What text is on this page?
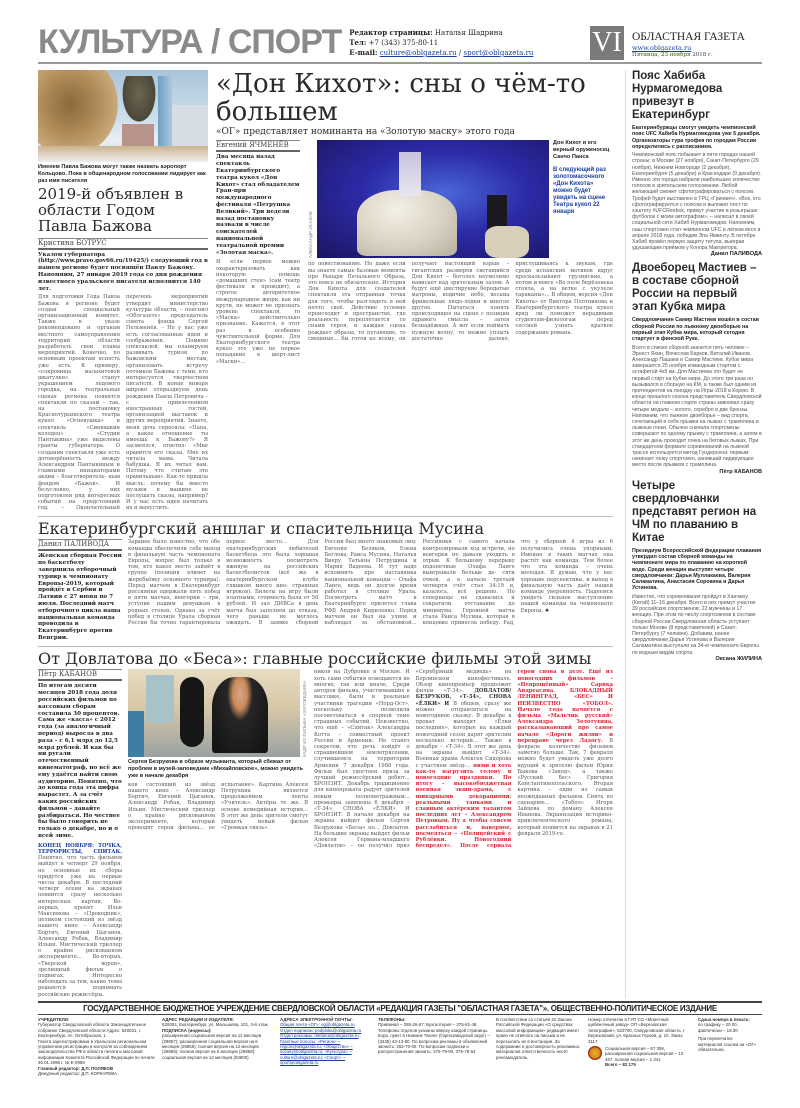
КУЛЬТУРА / СПОРТ Редактор страницы: Наталья Шадрина
Тел: +7 (343) 375-80-11
E-mail: culture@oblgazeta.ru / sport@oblgazeta.ru	VI ОБЛАСТНАЯ ГАЗЕТА
www.oblgazeta.ru
Пятница, 23 ноября 2018 г.
Именем Павла Бажова могут также назвать аэропорт Кольцово. Пока в общенародном голосовании лидирует как раз имя писателя
2019-й объявлен в области Годом Павла Бажова
Кристина БОТРУС
Указом губернатора (http://www.pravo.gov66.ru/19425/) следующий год в нашем регионе будет посвящён Павлу Бажову. Напомним, 27 января 2019 года со дня рождения известного уральского писателя исполнится 140 лет.
Для подготовки Года Павла Бажова в регионе будет создан специальный организационный комитет. Также в указе рекомендовано и органам местного самоуправления территорий области разработать свои планы мероприятий. Конечно, по основным проектам ясность уже есть. К примеру, «сокровища малахитовой шкатулки» станут украшением ледового городка, на театральных сценах региона появятся спектакли по сказам – так, на постановку Краснотурьинского театра кукол «Огневушка» и спектакль «Синюшкин колодец» «Студии Пантыкина» уже выделены гранты губернатора. О создании спектакля уже есть договорённость между Александром Пантыкиным и главными инициаторами акции – благотворитель- ным фондом «Бажов». И безусловно, у них подготовлен ряд интересных событий на предстоящий год. – Окончательный перечень мероприятий утвердит министерство культуры области, – пояснил «Облгазете» председатель совета фонда Сергей Пельменёв. – Но у нас уже есть согласованные идеи и соображения. Помимо спектаклей, мы планируем развивать туризм по бажовским местам, организовать встречу потомков Бажова с теми, кто интересуется творчеством писателя. В конце января широко отпразднуем день рождения Павла Петровича – с привлечением иностранных гостей, организацией выставок и других мероприятий. Знаете, меня дочь спросила: «Папа, а какое отношение ты имеешь к Бажову?» Я засмеялся, ответил: «Мне нравится его сказы. Мне их читала мама. Читала бабушка. Я их читал вам. Потому что считаю это правильным». Как-то пришла мысль: почему бы вместо музыки в машине не послушать сказы, например? И у нас есть идея начитать их и выпустить.
«Дон Кихот»: сны о чём-то большем
«ОГ» представляет номинанта на «Золотую маску» этого года
Евгений ЯЧМЕНЁВ
Два месяца назад спектакль Екатеринбургского театра кукол «Дон Кихот» стал обладателем Гран-при международного фестиваля «Петрушка Великий». Три недели назад постановку назвали в числе соискателей национальной театральной премии «Золотая маска».
И если первое можно охарактеризовать как некоторую помощь «домашних стен» (сам театр фестиваля и проводит), а строгое авторитетное международное жюри, как ни крути, не может не признать уровень спектакля, то «Маска» действительно признание. Кажется, в этот раз в особенно чувствительной форме. Для Екатеринбургского театра кукол это уже не первое попадание в шорт-лист «Маски»...
АЛЕКСАНДР ИСАКОВ
Дон Кихот и его верный оруженосец Санчо Панса
В следующий раз золотомасочного «Дон Кихота» можно будет увидеть на сцене Театра кукол 22 января
по повествованию. Но даже если вы знаете самые базовые моменты про Рыцаря Печального Образа, это вовсе не обязательно. История Дон Кихота для создателей спектакля эта отправная точка для того, чтобы разглядеть в ней нечто своё. Действие условно происходит в пространстве, где реальность переплетается со снами героя, и каждая сцена рождает образы, то пугающие, то смешные... бы готов ко всему, он получает настоящий взрыв – гигантских размеров светящийся Дон Кихот – боголол неумолимо нависает над зрительным залом. А будут ещё шестирукие бородатые матроны, водичие небо, весьма фривольные людо-лодки и многое другое. Пытаться понять происходящее на сцене с позиции здравого смысла – затея безнадёжная. А вот если поймать нужную волну, то можно уплыть достаточно далеко, прислушиваясь к звукам, где среди испанских мотивов вдруг проскальзывают грузинские, а потом и вовсе «Во поле берёзонька стояла, а на ветке с укулеле тараканы»... В общем, версия «Дон Кихота» от Виктора Плотникова и Екатеринбургского театра кукол вряд ли поможет нерадивым студентам-филологам перед сессией узнать краткое содержание романа.
Екатеринбургский аншлаг и спасительница Мусина
Данил ПАЛИВОДА
Женская сборная России по баскетболу завершила отборочный турнир к чемпионату Европы-2019, который пройдёт в Сербии и Латвии с 27 июня по 7 июля. Последний матч отборочного цикла наша национальная команда проводила в Екатеринбурге против Венгрии.
Заранее было известно, что обе команды обеспечили себе выход в финальную часть чемпионата Европы, вопрос был только в том, кто какое место займёт в группе (позиция влияет на жеребьёвку основного турнира). Перед матчем в Екатеринбург россиянки одержали пять побед в пяти матчах, венгерки – три, уступив нашим девушкам в родных стенах. Однако за счёт побед в столице Урала сборная России бы точно гарантировала первое место... Для екатеринбургских любителей баскетбола это была хорошая возможность посмотреть вживую на российских баскетболисток (всё же в екатеринбургском клубе слишком много ино- странных игроков). Билеты на игру были платными, стоимость была от 50 рублей. И зал ДИВСа в день матча был заполнен до отказа, чего раньше не моглось ожидать. В заявке сборной России был много знакомых лиц: Евгения Беляков, Елена Беглова, Раиса Мусина, Наталья Виеру, Татьяна Петрушина и Мария Вадеева. И тут надо вспомнить про наставника национальной команды – Олафа Ланге, ведь он долгое время работал в столице Урала. Посмотреть матч в Екатеринбурге прилетел глава РФБ Андрей Кириленко. Перед матчем он был на улице и наблюдал за обстановкой... Россиянки с самого начала контролировали ход встречи, но венгерки не давали уходить в отрыв. К большому перерыву подопечные Олафа Ланге выигрывали больше де- сяти очков, а в начале третьей четверти счёт стал 34:19 и, казалось, всё решено. Но соперницы не сдавались и сократили отставание до минимума. Героиней матча стала Раиса Мусина, которая в концовке принесла победу. Рад, что у сборной 4 игры из 6 получились очень упорными. Именно в таких матчах она растёт как команда. Тем более что эта команда – очень молодая. Я думаю, что у нас хорошие перспективы, и выход в финальную часть даёт нашей команде уверенность. Надеемся увидеть сильное выступление нашей команды на чемпионате Европы. ♠
От Довлатова до «Беса»: главные российские фильмы этой зимы
Пётр КАБАНОВ
По итогам десяти месяцев 2018 года доля российских фильмов по кассовым сборам составила 30 процентов. Сама же «касса» с 2012 года (за аналогичный период) выросла в два раза – с 6,1 млрд до 12,5 млрд рублей. И как бы ни ругали отечественный кинематограф, но всё же ему удаётся найти свою аудиторию. Понятно, что до конца года эта цифра вырастет. А за счёт каких российских фильмов – давайте разбираться. Но честнее бы было говорить не только о декабре, но и о всей зиме.
КОНЕЦ НОЯБРЯ: ТОЧКА, ТЕРРОРИСТЫ, СПИТАК. Понятно, что часть фильмов выйдет в четверг 29 ноября, но основные их сборы придутся уже на первые числа декабря. В последний четверг осени на экранах появится сразу несколько интересных картин. Во-первых, проект Ильи Максимова – «Проводник», целиком состоящий из звёзд нашего кино – Александр Бортич, Евгений Цыганов, Александр Робак, Владимир Ильин. Мистический триллер о крайне рискованном эксперименте... Во-вторых, «Тверской ворон», зрелищный фильм о подвигах. Интересно наблюдать за тем, какие темы решаются поднимать российские режиссёры.
КАДР ИЗ ФИЛЬМА «ЗАПОВЕДНИК»
Сергея Безрукова в образе музыканта, который сбежал от проблем в музей-заповедник «Михайловское», можно увидеть уже в начале декабря
ков состоящий из звёзд нашего кино – Александр Бортич, Евгений Цыганов, Александр Робак, Владимир Ильин. Мистический триллер о крайне рискованном эксперименте, который проводят герои фильма... ее испытание». Картина Алексея Петрухина является продолжением ленты «Учитель». Актёры те же. В основе комедийная история... В этот же день зрители смогут увидеть новый фильм «Громкая связь».
ников на Дубровке в Москве. И хоть сами события освещаются во многих, так или иначе, Среди авторов фильма, участвовавших в массовке, были и реальные участники трагедии «Норд-Ост», поскольку позволили посоветоваться в спорной теме страшных событий. Неизвестно, что ещё – «Спитак» Александра Котта – совместный проект России и Армении. Не станет секретом, что речь пойдёт о страшнейшем землетрясении, случившемся на территории Армении 7 декабря 1988 года. Фильм был удостоен приза за лучший режиссёрский дебют... БРОНЗИТ. Декабрь традиционно для кинопроката радует зрителей новым полнометражным... премьеры заявлены 6 декабря – «Т-34», СНОВА «ЁЛКИ» И БРОНЗИТ. В начале декабря на экраны выйдет фильм Сергея Безрукова «Бесы» по... Довлатов. На большие экраны выйдет фильм Алексея Германа-младшего «Довлатов» – он получил приз «Серебряный медведь» на Берлинском кинофестивале. Обзор кинопремьер продолжит фильм «Т-34». ДОВЛАТОВ/БЕЗРУКОВ, «Т-34», СНОВА «ЁЛКИ» И В общем, сразу же можно отправляться на новогоднюю сказку. В декабре в прокат выходят «Ёлки последние», которые на каждый новогодний сезон дарят зрителям несколько историй... Также в декабре – «Т-34». В этот же день на экраны выйдет «Т-34». Военная драма Алексея Сидорова с участием звёзд-... ними и хоть как-то нагрузить голову в новогодние праздники. По итогу – высокобюджетная военная экшн-драма, с шикарными декорациями, реальными танками и славным актёрским талантом последних лет – Александром Петровым. Ну а чтобы совсем расслабиться и, наверное, посмеяться – «Полицейский с Рублёвки. Новогодний беспредел». После сериала герои снова в деле. Ещё из новогодних фильмов – «Непрощённый» Сарика Андреасяна. БЛОКАДНЫЙ ЛЕНИНГРАД, «БЕС» И НЕИЗВЕСТНО «ТОБОЛ». Начало года начнётся с фильма «Мальчик русский» Александра Золотухина, рассказывающий про самое начало «Дороги жизни» и переправе через Ладогу. В феврале количество фильмов заметно больше. Так, 7 февраля можно будет увидеть уже долго идущий к зрителю фильм Юрия Быкова «Завод», а также «Русский бес» Григория Константинопольского. Вторая картина – один из самых неожиданных фильмов. Снята по сценарию... «Тобол» Игоря Зайцева по роману Алексея Иванова. Экранизация историко-приключенческого романа, который появится на экранах в 21 февраля 2019-го.
Пояс Хабиба Нурмагомедова привезут в Екатеринбург
Екатеринбуржцы смогут увидеть чемпионский пояс UFC Хабиба Нурмагомедова уже 5 декабря. Организаторы тура трофея по городам России определились с расписанием.
Чемпионский пояс побывает в пяти городах нашей страны: в Москве (27 ноября), Санкт-Петербурге (29 ноября), Нижнем Новгороде (2 декабря), Екатеринбурге (5 декабря) и Краснодаре (9 декабря). Именно эти города набрали наибольшее количество голосов в зрительском голосовании. Любой желающий сможет сфотографироваться с поясом. Трофей будет выставлен в ТРЦ «Гринвич». «Все, кто сфотографируются с поясом и выложат пост по хэштегу #UFCReebok, примут участие в розыгрыше футболок с моим автографом», – написал в своей социальной сети Хабиб Нурмагомедов. Напомним, наш спортсмен стал чемпионом UFC в лёгком весе в апреле 2018 года, победив Эла Яквинту. В октябре Хабиб провёл первую защиту титула, выиграв удушающим приёмом у Конора Макгрегора.
Данил ПАЛИВОДА
Двоеборец Мастиев – в составе сборной России на первый этап Кубка мира
Свердловчанин Самир Мастиев вошёл в состав сборной России по лыжному двоеборью на первый этап Кубка мира, который сегодня стартует в финской Руке.
Всего в списке сборной значится пять человек – Эрнест Яхин, Вячеслав Барков, Виталий Иванов, Александр Пашаев и Самир Мастиев. Кубок мира завершится 25 ноября командным стартом с эстафетой 4х5 км. Для Мастиева это будет не первый старт на Кубке мира. До этого три раза он вызывался в сборную на КМ, а также был одним из претендентов на поездку на Игры-2018 в Корею. В конце прошлого сезона представитель Свердловской области на главном старте страны завоевал сразу четыре медали – золото, серебро и две бронзы. Напомним, что лыжное двоеборье – вид спорта, сочетающий в себе прыжки на лыжах с трамплина и лыжные гонки. Обычно сначала спортсмены совершают по одному прыжку с трамплина, а затем в этот же день проходит гонка на беговых лыжах. При стандартном формате соревнований на лыжной трассе используется метод Гундерсена: первым начинает гонку спортсмен, занявший лидирующее место после прыжков с трамплина.
Пётр КАБАНОВ
Четыре свердловчанки представят регион на ЧМ по плаванию в Китае
Президиум Всероссийской федерации плавания утвердил состав сборной команды на чемпионате мира по плаванию на короткой воде. Среди женщин выступят четыре свердловчанки: Дарья Муллакаева, Валерия Саламатина, Анастасия Сорокина и Дарья Устинова.
Известно, что соревнования пройдут в Ханчжоу (Китай) 11–16 декабря. Всего в них примут участие 39 российских спортсменов: 22 мужчины и 17 женщин. При этом по числу спортсменов в составе сборной России Свердловская область уступает только Москве (8 представителей) и Санкт-Петербургу (7 человек). Добавим, ранее свердловчанки Дарья Устинова и Валерия Саламатина выступали на 34-м чемпионате Европы по водным видам спорта.
Оксана ЖИЛИНА
ГОСУДАРСТВЕННОЕ БЮДЖЕТНОЕ УЧРЕЖДЕНИЕ СВЕРДЛОВСКОЙ ОБЛАСТИ «РЕДАКЦИЯ ГАЗЕТЫ "ОБЛАСТНАЯ ГАЗЕТА"». ОБЩЕСТВЕННО-ПОЛИТИЧЕСКОЕ ИЗДАНИЕ
УЧРЕДИТЕЛИ:
Губернатор Свердловской области Законодательное собрание Свердловской области Адрес: 620031, г. Екатеринбург, пл. Октябрьская, 1
Газета зарегистрирована в Уральском региональном управлении регистрации и контроля за соблюдением законодательства РФ в области печати и массовой информации Комитета Российской Федерации по печати 30.01.1996 г. № Е-0988
Главный редактор: Д.П. ПОЛЯКОВ
Дежурный редактор: Д.П. КОРКАРЕВА
АДРЕС РЕДАКЦИИ И ИЗДАТЕЛЯ:
620004, Екатеринбург, ул. Малышева, 101, 3-й этаж.
ПОДПИСКА (индексы):
расширенная социальная версия на 12 месяцев (29857); расширенная социальная версия на 6 месяцев (29856); полная версия на 12 месяцев (29859); полная версия на 6 месяцев (29858); социальная версия на 12 месяцев (53800)
АДРЕСА ЭЛЕКТРОННОЙ ПОЧТЫ:
Общая почта «ОГ»: og@oblgazeta.ru
Отдел подписки: podpiska@oblgazeta.ru
Отдел рекламы: reklama@oblgazeta.ru
Газетные полосы: «Регион» – region@oblgazeta.ru; «Общество» – society@oblgazeta.ru; «Культура» – culture@oblgazeta.ru; «Спорт» – sport@oblgazeta.ru
ТЕЛЕФОНЫ:
Приёмная – 355-26-67; Бухгалтерия – 375-81-48. Телефоны отделов указаны вверху каждой страницы. Корр. пункт в Нижнем Тагиле (Горнозаводской округ) – (3435) 43-13-80. По вопросам рекламы и объявлений звонить: 262-70-00. По вопросам подписки и распространения звонить: 375-79-90, 375-78-64
В соответствии со статьёй 42 Закона Российской Федерации «О средствах массовой информации» редакция имеет право не отвечать на письма и не пересылать их в инстанции. За содержание и достоверность рекламных материалов ответственность несёт рекламодатель.
Номер отпечатан в ГУП СО «Монетный щебёночный завод» ОП «Березовская типография», 623700, Свердловская область, г. Березовский, ул. Красных Героев, д. 10. Заказ 3117
Социальная версия – 67 359, расширенная социальная версия – 13 467, полная версия – 1 341
Всего – 82 175
Сдача номера в печать:
по графику – 20.00, фактически – 19.30
При перепечатке материалов ссылка на «ОГ» обязательна.
